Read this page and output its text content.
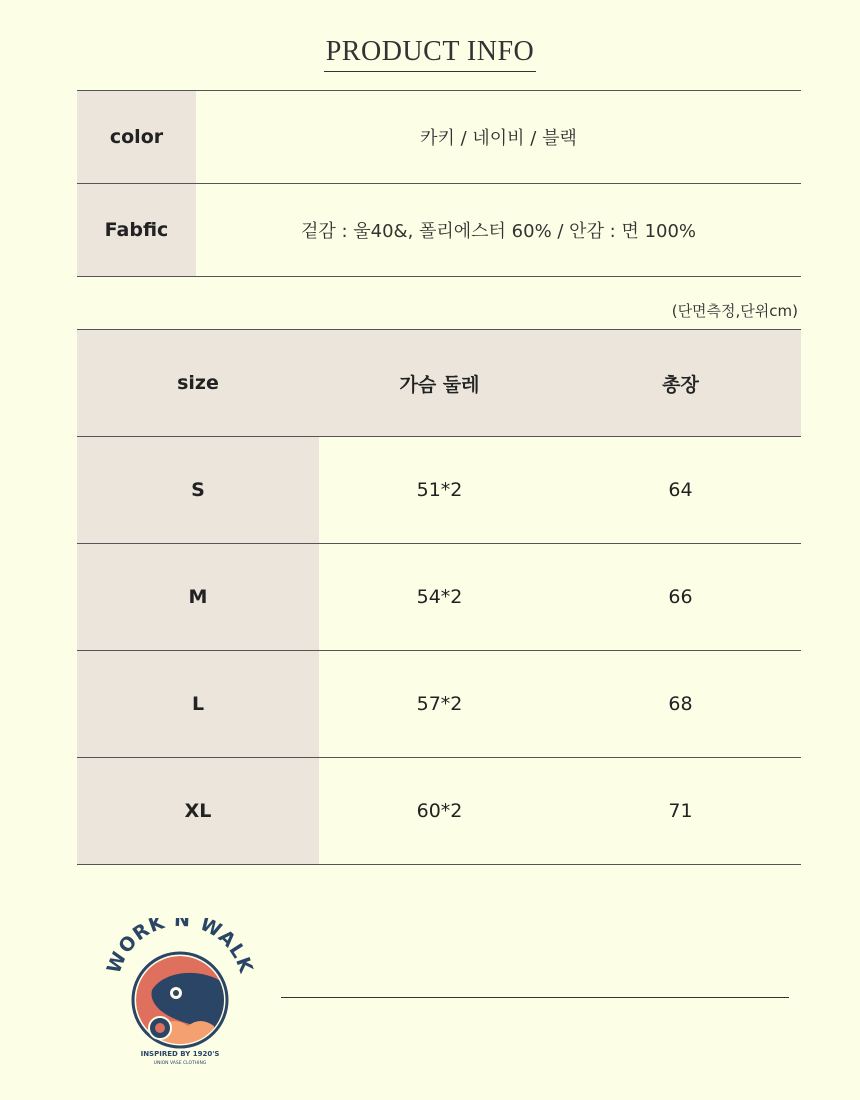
PRODUCT INFO
color	카키 / 네이비 / 블랙
Fabfic	겉감 : 울40&, 폴리에스터 60% / 안감 : 면 100%
(단면측정,단위cm)
size	가슴 둘레	총장
S	51*2	64
M	54*2	66
L	57*2	68
XL	60*2	71
WORK N WALK
INSPIRED BY 1920'S
UNION VASE CLOTHING
